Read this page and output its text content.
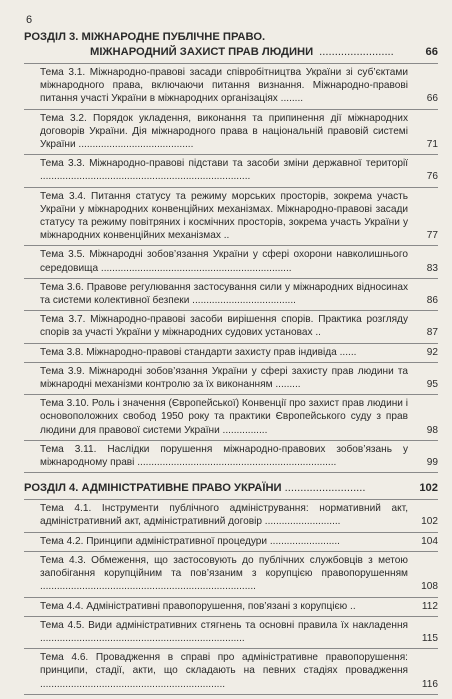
6
РОЗДІЛ 3. МІЖНАРОДНЕ ПУБЛІЧНЕ ПРАВО.
МІЖНАРОДНИЙ ЗАХИСТ ПРАВ ЛЮДИНИ ........................	66
Тема 3.1. Міжнародно-правові засади співробітництва України зі суб’єктами міжнародного права, включаючи питання визнання. Міжнародно-правові питання участі України в міжнародних організаціях ........	66
Тема 3.2. Порядок укладення, виконання та припинення дії міжнародних договорів України. Дія міжнародного права в національній правовій системі України .........................................	71
Тема 3.3. Міжнародно-правові підстави та засоби зміни державної території ...........................................................................	76
Тема 3.4. Питання статусу та режиму морських просторів, зокрема участь України у міжнародних конвенційних механізмах. Міжнародно-правові засади статусу та режиму повітряних і космічних просторів, зокрема участь України у міжнародних конвенційних механізмах ..	77
Тема 3.5. Міжнародні зобов’язання України у сфері охорони навколишнього середовища ....................................................................	83
Тема 3.6. Правове регулювання застосування сили у міжнародних відносинах та системи колективної безпеки .....................................	86
Тема 3.7. Міжнародно-правові засоби вирішення спорів. Практика розгляду спорів за участі України у міжнародних судових установах ..	87
Тема 3.8. Міжнародно-правові стандарти захисту прав індивіда ......	92
Тема 3.9. Міжнародні зобов’язання України у сфері захисту прав людини та міжнародні механізми контролю за їх виконанням .........	95
Тема 3.10. Роль і значення (Європейської) Конвенції про захист прав людини і основоположних свобод 1950 року та практики Європейського суду з прав людини для правової системи України ................	98
Тема 3.11. Наслідки порушення міжнародно-правових зобов’язань у міжнародному праві .......................................................................	99
РОЗДІЛ 4. АДМІНІСТРАТИВНЕ ПРАВО УКРАЇНИ ..........................	102
Тема 4.1. Інструменти публічного адміністрування: нормативний акт, адміністративний акт, адміністративний договір ...........................	102
Тема 4.2. Принципи адміністративної процедури .........................	104
Тема 4.3. Обмеження, що застосовують до публічних службовців з метою запобігання корупційним та пов’язаним з корупцією правопорушенням .............................................................................	108
Тема 4.4. Адміністративні правопорушення, пов’язані з корупцією ..	112
Тема 4.5. Види адміністративних стягнень та основні правила їх накладення .........................................................................	115
Тема 4.6. Провадження в справі про адміністративне правопорушення: принципи, стадії, акти, що складають на певних стадіях провадження ..................................................................	116
